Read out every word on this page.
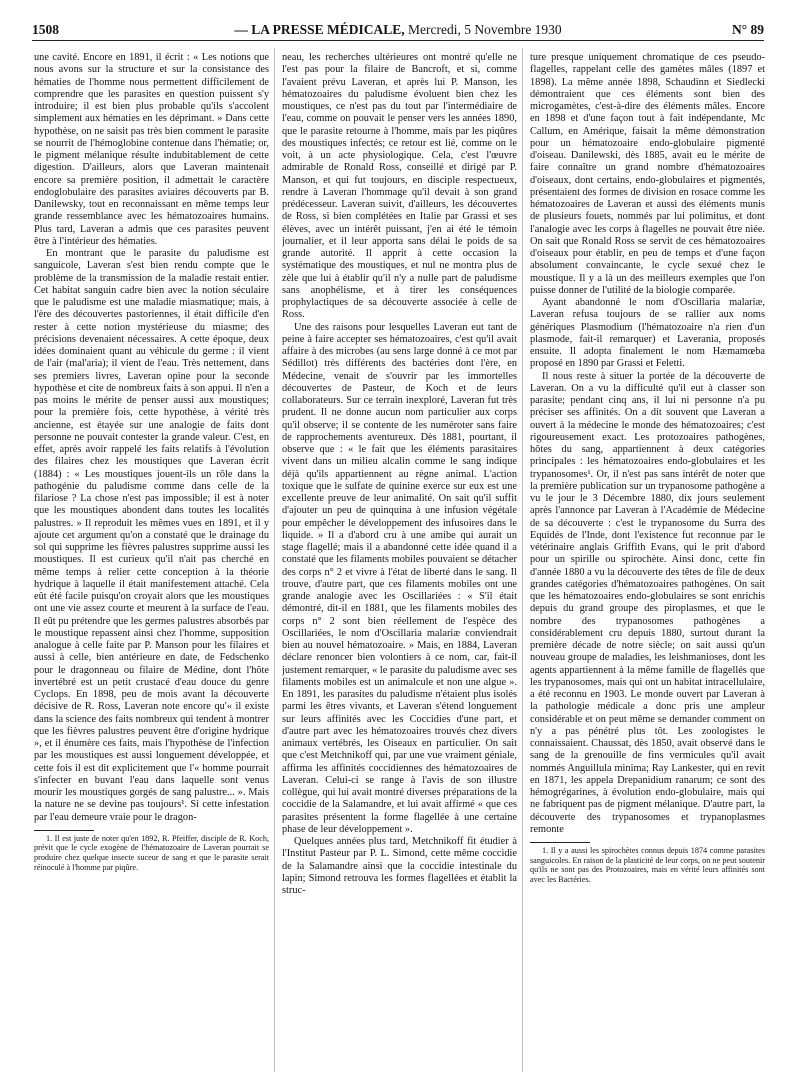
1508	— LA PRESSE MÉDICALE, Mercredi, 5 Novembre 1930	N° 89

une cavité. Encore en 1891, il écrit : « Les notions que nous avons sur la structure et sur la consistance des hématies de l'homme nous permettent difficilement de comprendre que les parasites en question puissent s'y introduire; il est bien plus probable qu'ils s'accolent simplement aux hématies en les déprimant. » Dans cette hypothèse, on ne saisit pas très bien comment le parasite se nourrit de l'hémoglobine contenue dans l'hématie; or, le pigment mélanique résulte indubitablement de cette digestion. D'ailleurs, alors que Laveran maintenait encore sa première position, il admettait le caractère endoglobulaire des parasites aviaires découverts par B. Danilewsky, tout en reconnaissant en même temps leur grande ressemblance avec les hématozoaires humains. Plus tard, Laveran a admis que ces parasites peuvent être à l'intérieur des hématies.

En montrant que le parasite du paludisme est sanguicole, Laveran s'est bien rendu compte que le problème de la transmission de la maladie restait entier. Cet habitat sanguin cadre bien avec la notion séculaire que le paludisme est une maladie miasmatique; mais, à l'ère des découvertes pastoriennes, il était difficile d'en rester à cette notion mystérieuse du miasme; des précisions devenaient nécessaires. A cette époque, deux idées dominaient quant au véhicule du germe : il vient de l'air (mal'aria); il vient de l'eau. Très nettement, dans ses premiers livres, Laveran opine pour la seconde hypothèse et cite de nombreux faits à son appui. Il n'en a pas moins le mérite de penser aussi aux moustiques; pour la première fois, cette hypothèse, à vérité très ancienne, est étayée sur une analogie de faits dont personne ne pouvait contester la grande valeur. C'est, en effet, après avoir rappelé les faits relatifs à l'évolution des filaires chez les moustiques que Laveran écrit (1884) : « Les moustiques jouent-ils un rôle dans la pathogénie du paludisme comme dans celle de la filariose ? La chose n'est pas impossible; il est à noter que les moustiques abondent dans toutes les localités palustres. » Il reproduit les mêmes vues en 1891, et il y ajoute cet argument qu'on a constaté que le drainage du sol qui supprime les fièvres palustres supprime aussi les moustiques. Il est curieux qu'il n'ait pas cherché en même temps à relier cette conception à la théorie hydrique à laquelle il était manifestement attaché. Cela eût été facile puisqu'on croyait alors que les moustiques ont une vie assez courte et meurent à la surface de l'eau. Il eût pu prétendre que les germes palustres absorbés par le moustique repassent ainsi chez l'homme, supposition analogue à celle faite par P. Manson pour les filaires et aussi à celle, bien antérieure en date, de Fedschenko pour le dragonneau ou filaire de Médine, dont l'hôte invertébré est un petit crustacé d'eau douce du genre Cyclops. En 1898, peu de mois avant la découverte décisive de R. Ross, Laveran note encore qu'« il existe dans la science des faits nombreux qui tendent à montrer que les fièvres palustres peuvent être d'origine hydrique », et il énumère ces faits, mais l'hypothèse de l'infection par les moustiques est aussi longuement développée, et cette fois il est dit explicitement que l'« homme pourrait s'infecter en buvant l'eau dans laquelle sont venus mourir les moustiques gorgés de sang palustre... ». Mais la nature ne se devine pas toujours¹. Si cette infestation par l'eau demeure vraie pour le dragon-

1. Il est juste de noter qu'en 1892, R. Pfeiffer, disciple de R. Koch, prévit que le cycle exogène de l'hématozoaire de Laveran pourrait se produire chez quelque insecte suceur de sang et que le parasite serait réinoculé à l'homme par piqûre.

neau, les recherches ultérieures ont montré qu'elle ne l'est pas pour la filaire de Bancroft, et si, comme l'avaient prévu Laveran, et après lui P. Manson, les hématozoaires du paludisme évoluent bien chez les moustiques, ce n'est pas du tout par l'intermédiaire de l'eau, comme on pouvait le penser vers les années 1890, que le parasite retourne à l'homme, mais par les piqûres des moustiques infectés; ce retour est lié, comme on le voit, à un acte physiologique. Cela, c'est l'œuvre admirable de Ronald Ross, conseillé et dirigé par P. Manson, et qui fut toujours, en disciple respectueux, rendre à Laveran l'hommage qu'il devait à son grand prédécesseur. Laveran suivit, d'ailleurs, les découvertes de Ross, si bien complétées en Italie par Grassi et ses élèves, avec un intérêt puissant, j'en ai été le témoin journalier, et il leur apporta sans délai le poids de sa grande autorité. Il apprit à cette occasion la systématique des moustiques, et nul ne montra plus de zèle que lui à établir qu'il n'y a nulle part de paludisme sans anophélisme, et à tirer les conséquences prophylactiques de sa découverte associée à celle de Ross.

Une des raisons pour lesquelles Laveran eut tant de peine à faire accepter ses hématozoaires, c'est qu'il avait affaire à des microbes (au sens large donné à ce mot par Sédillot) très différents des bactéries dont l'ère, en Médecine, venait de s'ouvrir par les immortelles découvertes de Pasteur, de Koch et de leurs collaborateurs. Sur ce terrain inexploré, Laveran fut très prudent. Il ne donne aucun nom particulier aux corps qu'il observe; il se contente de les numéroter sans faire de rapprochements aventureux. Dès 1881, pourtant, il observe que : « le fait que les éléments parasitaires vivent dans un milieu alcalin comme le sang indique déjà qu'ils appartiennent au règne animal. L'action toxique que le sulfate de quinine exerce sur eux est une excellente preuve de leur animalité. On sait qu'il suffit d'ajouter un peu de quinquina à une infusion végétale pour empêcher le développement des infusoires dans le liquide. » Il a d'abord cru à une amibe qui aurait un stage flagellé; mais il a abandonné cette idée quand il a constaté que les filaments mobiles pouvaient se détacher des corps n° 2 et vivre à l'état de liberté dans le sang. Il trouve, d'autre part, que ces filaments mobiles ont une grande analogie avec les Oscillariées : « S'il était démontré, dit-il en 1881, que les filaments mobiles des corps n° 2 sont bien réellement de l'espèce des Oscillariées, le nom d'Oscillaria malariæ conviendrait bien au nouvel hématozoaire. » Mais, en 1884, Laveran déclare renoncer bien volontiers à ce nom, car, fait-il justement remarquer, « le parasite du paludisme avec ses filaments mobiles est un animalcule et non une algue ». En 1891, les parasites du paludisme n'étaient plus isolés parmi les êtres vivants, et Laveran s'étend longuement sur leurs affinités avec les Coccidies d'une part, et d'autre part avec les hématozoaires trouvés chez divers animaux vertébrés, les Oiseaux en particulier. On sait que c'est Metchnikoff qui, par une vue vraiment géniale, affirma les affinités coccidiennes des hématozoaires de Laveran. Celui-ci se range à l'avis de son illustre collègue, qui lui avait montré diverses préparations de la coccidie de la Salamandre, et lui avait affirmé « que ces parasites présentent la forme flagellée à une certaine phase de leur développement ».

Quelques années plus tard, Metchnikoff fit étudier à l'Institut Pasteur par P. L. Simond, cette même coccidie de la Salamandre ainsi que la coccidie intestinale du lapin; Simond retrouva les formes flagellées et établit la struc-

ture presque uniquement chromatique de ces pseudo-flagelles, rappelant celle des gamètes mâles (1897 et 1898). La même année 1898, Schaudinn et Siedlecki démontraient que ces éléments sont bien des microgamètes, c'est-à-dire des éléments mâles. Encore en 1898 et d'une façon tout à fait indépendante, Mc Callum, en Amérique, faisait la même démonstration pour un hématozoaire endo-globulaire pigmenté d'oiseau. Danilewski, dès 1885, avait eu le mérite de faire connaître un grand nombre d'hématozoaires d'oiseaux, dont certains, endo-globulaires et pigmentés, présentaient des formes de division en rosace comme les hématozoaires de Laveran et aussi des éléments munis de plusieurs fouets, nommés par lui polimitus, et dont l'analogie avec les corps à flagelles ne pouvait être niée. On sait que Ronald Ross se servit de ces hématozoaires d'oiseaux pour établir, en peu de temps et d'une façon absolument convaincante, le cycle sexué chez le moustique. Il y a là un des meilleurs exemples que l'on puisse donner de l'utilité de la biologie comparée.

Ayant abandonné le nom d'Oscillaria malariæ, Laveran refusa toujours de se rallier aux noms génériques Plasmodium (l'hématozoaire n'a rien d'un plasmode, fait-il remarquer) et Laverania, proposés ensuite. Il adopta finalement le nom Hæmamœba proposé en 1890 par Grassi et Feletti.

Il nous reste à situer la portée de la découverte de Laveran. On a vu la difficulté qu'il eut à classer son parasite; pendant cinq ans, il lui ni personne n'a pu préciser ses affinités. On a dit souvent que Laveran a ouvert à la médecine le monde des hématozoaires; c'est rigoureusement exact. Les protozoaires pathogènes, hôtes du sang, appartiennent à deux catégories principales : les hématozoaires endo-globulaires et les trypanosomes¹. Or, il n'est pas sans intérêt de noter que la première publication sur un trypanosome pathogène a vu le jour le 3 Décembre 1880, dix jours seulement après l'annonce par Laveran à l'Académie de Médecine de sa découverte : c'est le trypanosome du Surra des Equidés de l'Inde, dont l'existence fut reconnue par le vétérinaire anglais Griffith Evans, qui le prit d'abord pour un spirille ou spirochète. Ainsi donc, cette fin d'année 1880 a vu la découverte des têtes de file de deux grandes catégories d'hématozoaires pathogènes. On sait que les hématozoaires endo-globulaires se sont enrichis depuis du grand groupe des piroplasmes, et que le nombre des trypanosomes pathogènes a considérablement cru depuis 1880, surtout durant la première décade de notre siècle; on sait aussi qu'un nouveau groupe de maladies, les leishmanioses, dont les agents appartiennent à la même famille de flagellés que les trypanosomes, mais qui ont un habitat intracellulaire, a été reconnu en 1903. Le monde ouvert par Laveran à la pathologie médicale a donc pris une ampleur considérable et on peut même se demander comment on n'y a pas pénétré plus tôt. Les zoologistes le connaissaient. Chaussat, dès 1850, avait observé dans le sang de la grenouille de fins vermicules qu'il avait nommés Anguillula minima; Ray Lankester, qui en revit en 1871, les appela Drepanidium ranarum; ce sont des hémogrégarines, à évolution endo-globulaire, mais qui ne fabriquent pas de pigment mélanique. D'autre part, la découverte des trypanosomes et trypanoplasmes remonte

1. Il y a aussi les spirochètes connus depuis 1874 comme parasites sanguicoles. En raison de la plasticité de leur corps, on ne peut soutenir qu'ils ne sont pas des Protozoaires, mais en vérité leurs affinités sont avec les Bactéries.
